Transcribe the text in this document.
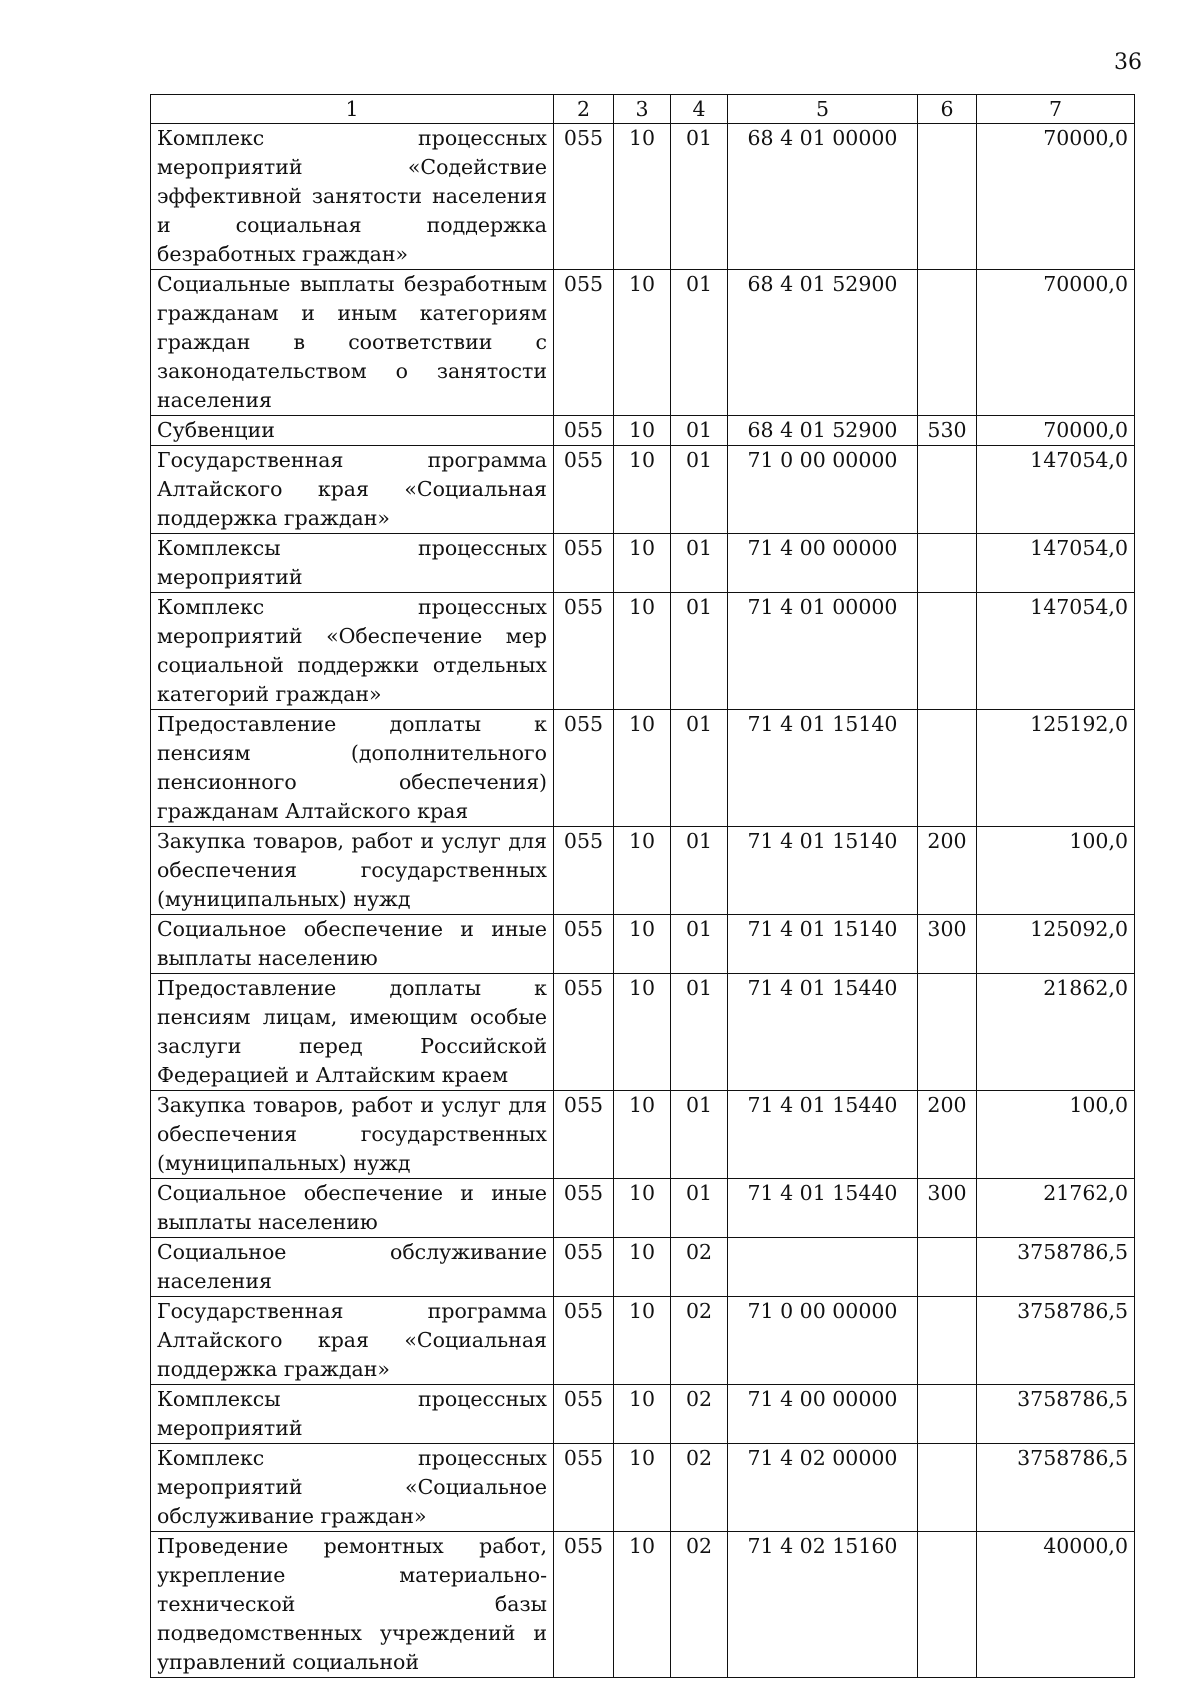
36
1	2	3	4	5	6	7
Комплекс процессных мероприятий «Содействие эффективной занятости населения и социальная поддержка безработных граждан»	055	10	01	68 4 01 00000		70000,0
Социальные выплаты безработным гражданам и иным категориям граждан в соответствии с законодательством о занятости населения	055	10	01	68 4 01 52900		70000,0
Субвенции	055	10	01	68 4 01 52900	530	70000,0
Государственная программа Алтайского края «Социальная поддержка граждан»	055	10	01	71 0 00 00000		147054,0
Комплексы процессных мероприятий	055	10	01	71 4 00 00000		147054,0
Комплекс процессных мероприятий «Обеспечение мер социальной поддержки отдельных категорий граждан»	055	10	01	71 4 01 00000		147054,0
Предоставление доплаты к пенсиям (дополнительного пенсионного обеспечения) гражданам Алтайского края	055	10	01	71 4 01 15140		125192,0
Закупка товаров, работ и услуг для обеспечения государственных (муниципальных) нужд	055	10	01	71 4 01 15140	200	100,0
Социальное обеспечение и иные выплаты населению	055	10	01	71 4 01 15140	300	125092,0
Предоставление доплаты к пенсиям лицам, имеющим особые заслуги перед Российской Федерацией и Алтайским краем	055	10	01	71 4 01 15440		21862,0
Закупка товаров, работ и услуг для обеспечения государственных (муниципальных) нужд	055	10	01	71 4 01 15440	200	100,0
Социальное обеспечение и иные выплаты населению	055	10	01	71 4 01 15440	300	21762,0
Социальное обслуживание населения	055	10	02			3758786,5
Государственная программа Алтайского края «Социальная поддержка граждан»	055	10	02	71 0 00 00000		3758786,5
Комплексы процессных мероприятий	055	10	02	71 4 00 00000		3758786,5
Комплекс процессных мероприятий «Социальное обслуживание граждан»	055	10	02	71 4 02 00000		3758786,5
Проведение ремонтных работ, укрепление материально-технической базы подведомственных учреждений и управлений социальной	055	10	02	71 4 02 15160		40000,0
